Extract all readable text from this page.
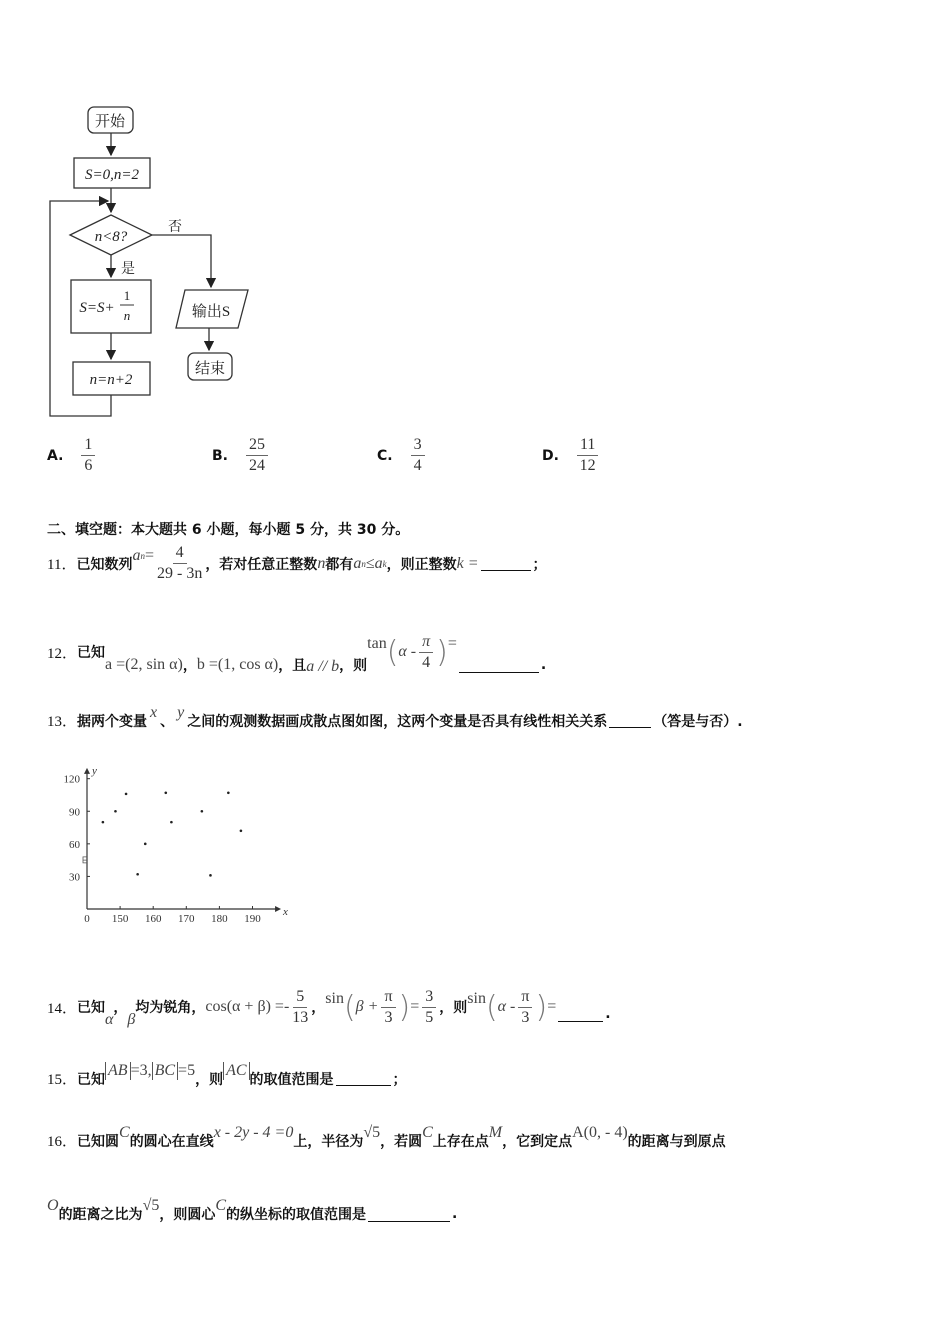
开始
S=0,n=2
n<8?
否
是
S=S+
1
n	输出S
n=n+2
结束
A. $\frac{1}{6}$	B. $\frac{25}{24}$	C. $\frac{3}{4}$	D. $\frac{11}{12}$
二、填空题：本大题共 6 小题，每小题 5 分，共 30 分。
11． 已知数列
$a_n = \frac{4}{29 - 3n}$ ，若对任意正整数 n 都有 a n ≤a k ，则正整数 k =	；
12． 已知
a =(2, sin α) ， b =(1, cos α) ，且 a // b ，则
tan ( α - $\frac{\pi}{4}$ ) =
.
13． 据两个变量
x
、
y
之间的观测数据画成散点图如图，这两个变量是否具有线性相关关系	（答是与否）.
x
y
0 150 160 170 180 190
30
60
90
120
14． 已知
α
，
β
均为锐角， $\cos(\alpha + \beta) =- \frac{5}{13}$ ，
sin ( $\beta + \frac{\pi}{3}$ ) = $\frac{3}{5}$ ，则
sin ( α - $\frac{\pi}{3}$ ) =	.
15． 已知
AB =3, BC =5
，则
AC
的取值范围是	；
16． 已知圆
C
的圆心在直线
x - 2y - 4 =0
上，半径为
√5
，若圆
C
上存在点
M
，它到定点
A(0, - 4)
的距离与到原点
O
的距离之比为
√5
，则圆心
C
的纵坐标的取值范围是	.
